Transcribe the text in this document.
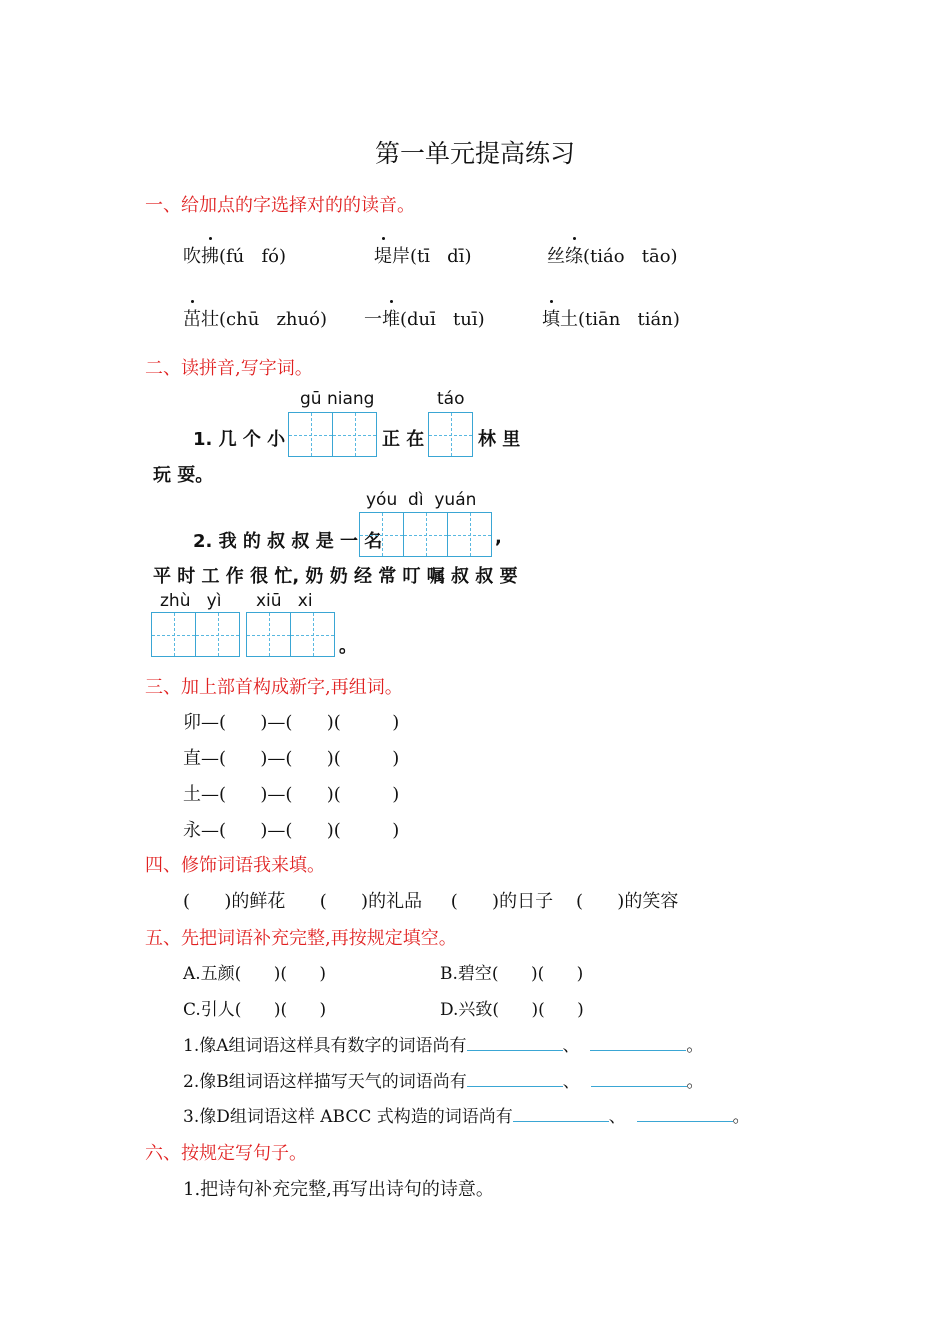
第一单元提高练习
一、给加点的字选择对的的读音。
吹拂(fú   fó)	堤岸(tī   dī)	丝绦(tiáo   tāo)
茁壮(chū   zhuó) 一堆(duī   tuī)	填土(tiān   tián)
二、读拼音,写字词。
gū niang	táo
1. 几 个 小	正 在	林 里
玩 耍。
yóu  dì  yuán
2. 我 的 叔 叔 是 一 名	,
平 时 工 作 很 忙, 奶 奶 经 常 叮 嘱 叔 叔 要
zhù   yì xiū   xi
。
三、加上部首构成新字,再组词。
卯—(      )—(      )(         )
直—(      )—(      )(         )
土—(      )—(      )(         )
永—(      )—(      )(         )
四、修饰词语我来填。
(      )的鲜花      (      )的礼品     (      )的日子    (      )的笑容
五、先把词语补充完整,再按规定填空。
A.五颜(      )(      )	B.碧空(      )(      )
C.引人(      )(      )	D.兴致(      )(      )
1.像A组词语这样具有数字的词语尚有	、	。
2.像B组词语这样描写天气的词语尚有	、	。
3.像D组词语这样 ABCC 式构造的词语尚有	、	。
六、按规定写句子。
1.把诗句补充完整,再写出诗句的诗意。
